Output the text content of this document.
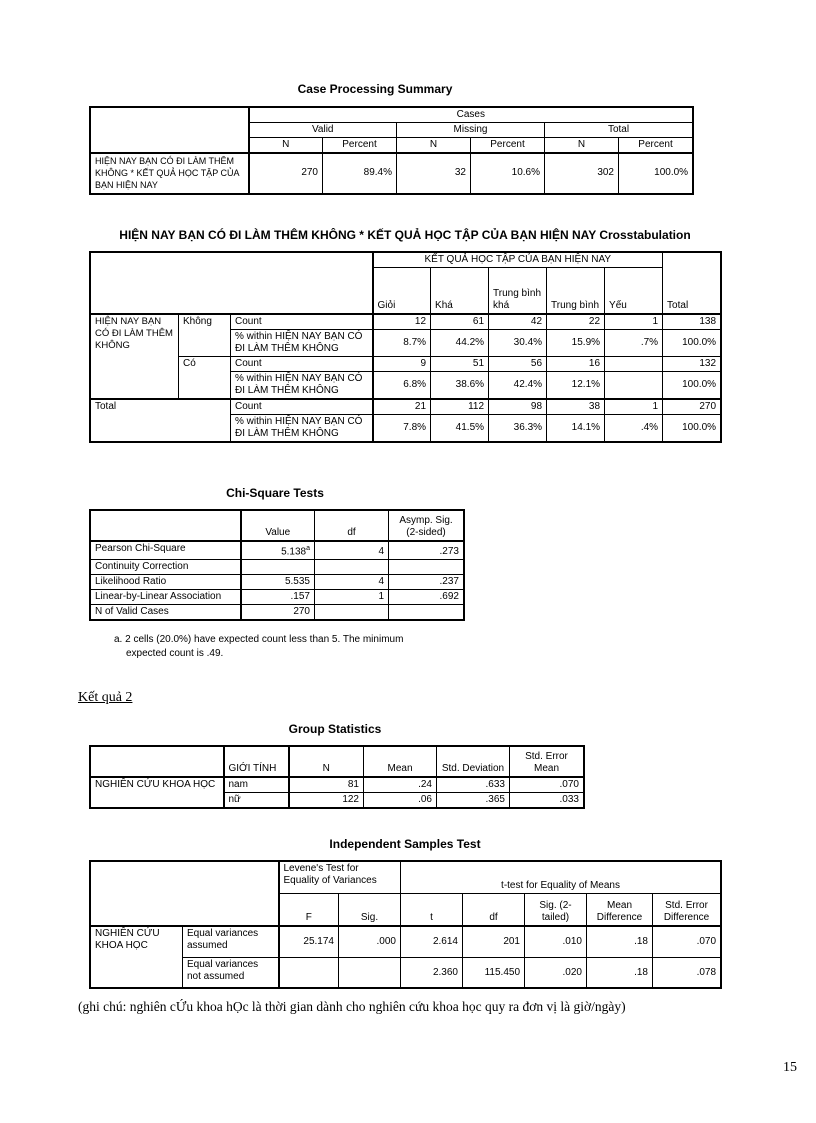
Case Processing Summary
	Cases					
	Valid		Missing		Total	
	N	Percent	N	Percent	N	Percent
HIỆN NAY BẠN CÓ ĐI LÀM THÊM KHÔNG * KẾT QUẢ HỌC TẬP CỦA BẠN HIỆN NAY	270	89.4%	32	10.6%	302	100.0%
HIỆN NAY BẠN CÓ ĐI LÀM THÊM KHÔNG * KẾT QUẢ HỌC TẬP CỦA BẠN HIỆN NAY Crosstabulation
			KẾT QUẢ HỌC TẬP CỦA BẠN HIỆN NAY					Total
			Giỏi	Khá	Trung bình khá	Trung bình	Yếu	
HIỆN NAY BẠN CÓ ĐI LÀM THÊM KHÔNG	Không	Count	12	61	42	22	1	138
		% within HIỆN NAY BẠN CÓ ĐI LÀM THÊM KHÔNG	8.7%	44.2%	30.4%	15.9%	.7%	100.0%
	Có	Count	9	51	56	16		132
		% within HIỆN NAY BẠN CÓ ĐI LÀM THÊM KHÔNG	6.8%	38.6%	42.4%	12.1%		100.0%
Total		Count	21	112	98	38	1	270
		% within HIỆN NAY BẠN CÓ ĐI LÀM THÊM KHÔNG	7.8%	41.5%	36.3%	14.1%	.4%	100.0%
Chi-Square Tests
	Value	df	Asymp. Sig. (2-sided)
Pearson Chi-Square	5.138$^a$	4	.273
Continuity Correction			
Likelihood Ratio	5.535	4	.237
Linear-by-Linear Association	.157	1	.692
N of Valid Cases	270		
a. 2 cells (20.0%) have expected count less than 5. The minimum
expected count is .49.
Kết quả 2
Group Statistics
	GIỚI TÍNH	N	Mean	Std. Deviation	Std. Error Mean
NGHIÊN CỨU KHOA HỌC	nam	81	.24	.633	.070
	nữ	122	.06	.365	.033
Independent Samples Test
		Levene's Test for Equality of Variances		t-test for Equality of Means				
		F	Sig.	t	df	Sig. (2-tailed)	Mean Difference	Std. Error Difference
NGHIÊN CỨU KHOA HỌC	Equal variances assumed	25.174	.000	2.614	201	.010	.18	.070
	Equal variances not assumed			2.360	115.450	.020	.18	.078
(ghi chú: nghiên cỨu khoa hỌc là thời gian dành cho nghiên cứu khoa học quy ra đơn vị là giờ/ngày)
15
